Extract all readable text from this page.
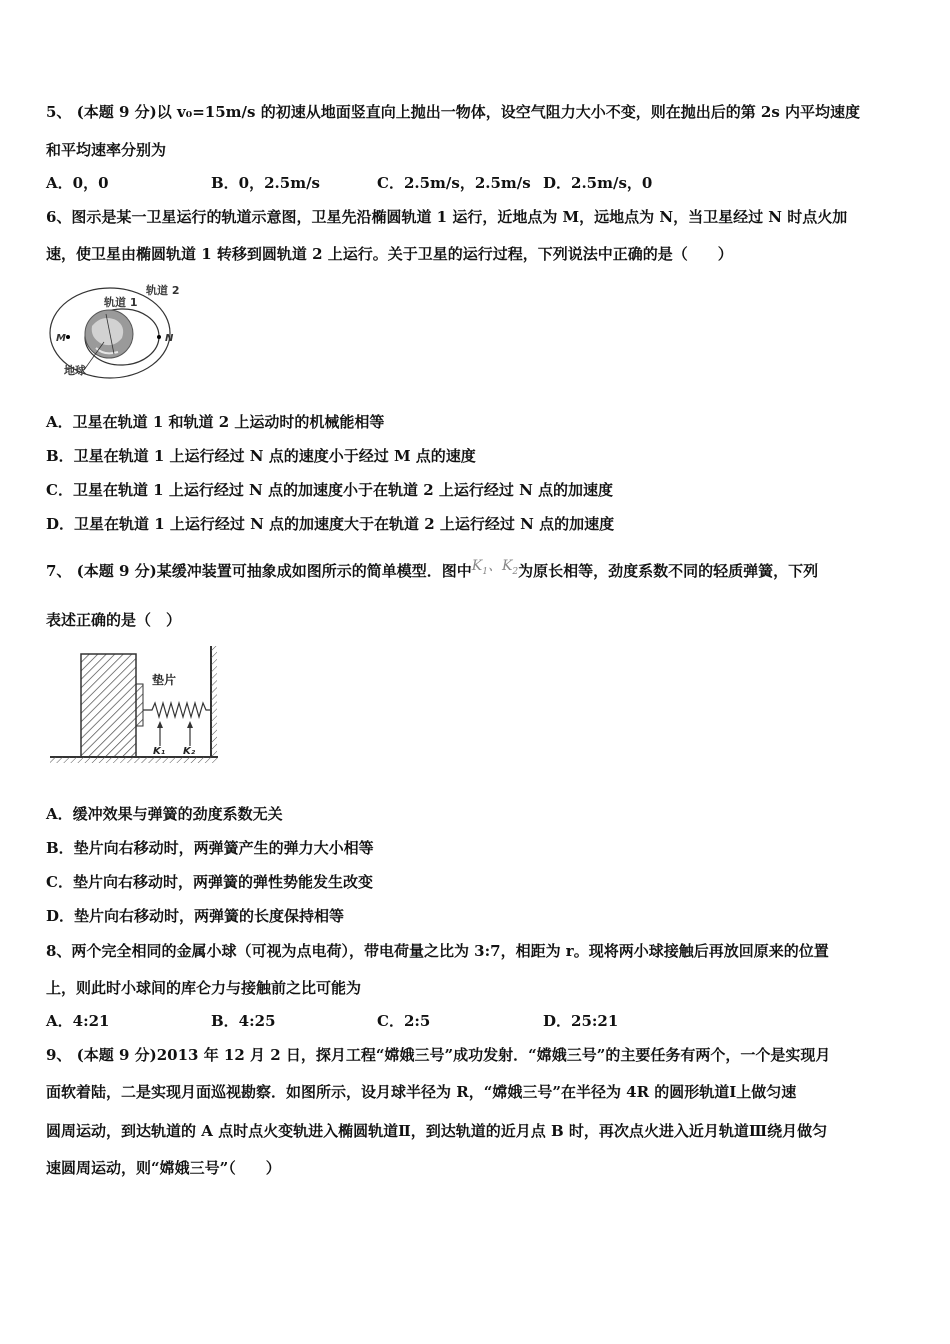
5、 (本题 9 分)以 v₀=15m/s 的初速从地面竖直向上抛出一物体，设空气阻力大小不变，则在抛出后的第 2s 内平均速度
和平均速率分别为
A．0，0	B．0，2.5m/s	C．2.5m/s，2.5m/s D．2.5m/s，0
6、图示是某一卫星运行的轨道示意图，卫星先沿椭圆轨道 1 运行，近地点为 M，远地点为 N，当卫星经过 N 时点火加
速，使卫星由椭圆轨道 1 转移到圆轨道 2 上运行。关于卫星的运行过程，下列说法中正确的是（　　）
轨道 1
轨道 2
地球
M	N
A．卫星在轨道 1 和轨道 2 上运动时的机械能相等
B．卫星在轨道 1 上运行经过 N 点的速度小于经过 M 点的速度
C．卫星在轨道 1 上运行经过 N 点的加速度小于在轨道 2 上运行经过 N 点的加速度
D．卫星在轨道 1 上运行经过 N 点的加速度大于在轨道 2 上运行经过 N 点的加速度
7、 (本题 9 分)某缓冲装置可抽象成如图所示的简单模型．图中$K_1$、$K_2$为原长相等，劲度系数不同的轻质弹簧，下列
表述正确的是（　）
垫片
K₁ K₂
A．缓冲效果与弹簧的劲度系数无关
B．垫片向右移动时，两弹簧产生的弹力大小相等
C．垫片向右移动时，两弹簧的弹性势能发生改变
D．垫片向右移动时，两弹簧的长度保持相等
8、两个完全相同的金属小球（可视为点电荷），带电荷量之比为 3:7，相距为 r。现将两小球接触后再放回原来的位置
上，则此时小球间的库仑力与接触前之比可能为
A．4:21	B．4:25	C．2:5	D．25:21
9、 (本题 9 分)2013 年 12 月 2 日，探月工程“嫦娥三号”成功发射．“嫦娥三号”的主要任务有两个，一个是实现月
面软着陆，二是实现月面巡视勘察．如图所示，设月球半径为 R，“嫦娥三号”在半径为 4R 的圆形轨道Ⅰ上做匀速
圆周运动，到达轨道的 A 点时点火变轨进入椭圆轨道Ⅱ，到达轨道的近月点 B 时，再次点火进入近月轨道Ⅲ绕月做匀
速圆周运动，则“嫦娥三号”（　　）
